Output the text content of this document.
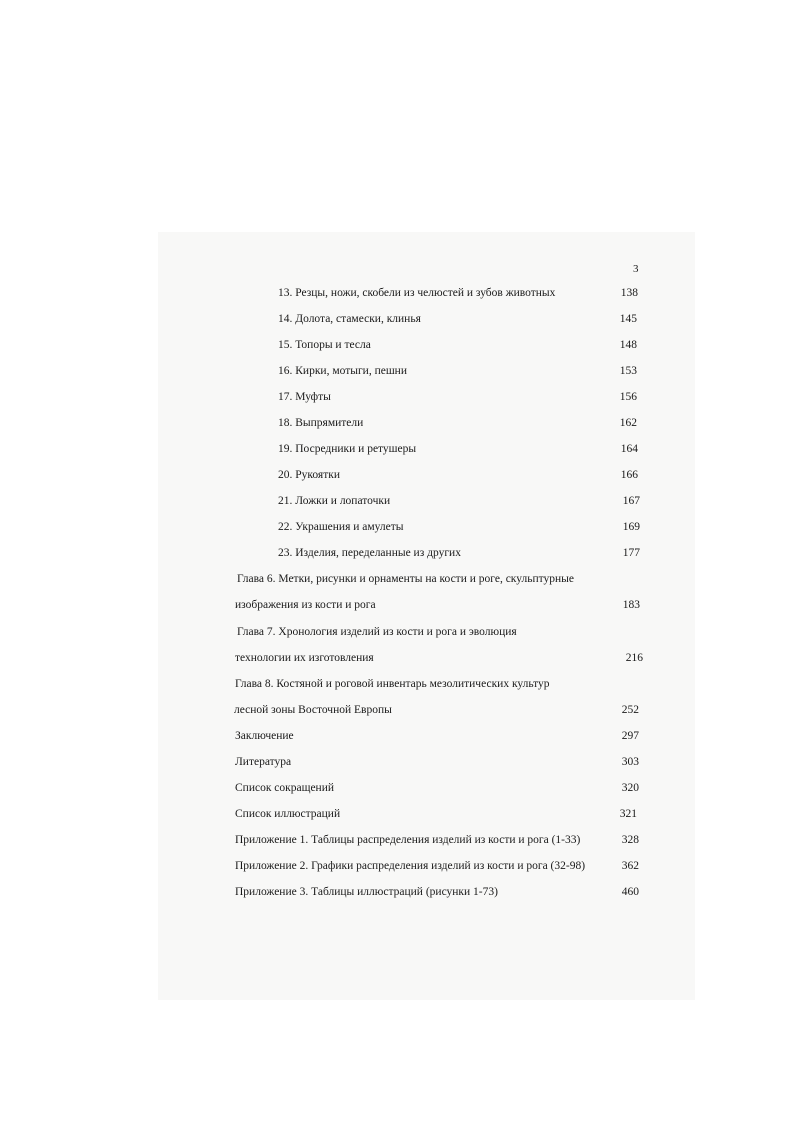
3
13. Резцы, ножи, скобели из челюстей и зубов животных	138
14. Долота, стамески, клинья	145
15. Топоры и тесла	148
16. Кирки, мотыги, пешни	153
17. Муфты	156
18. Выпрямители	162
19. Посредники и ретушеры	164
20. Рукоятки	166
21. Ложки и лопаточки	167
22. Украшения и амулеты	169
23. Изделия, переделанные из других	177
Глава 6. Метки, рисунки и орнаменты на кости и роге, скульптурные
изображения из кости и рога	183
Глава 7. Хронология изделий из кости и рога и эволюция
технологии их изготовления	216
Глава 8. Костяной и роговой инвентарь мезолитических культур
лесной зоны Восточной Европы	252
Заключение	297
Литература	303
Список сокращений	320
Список иллюстраций	321
Приложение 1. Таблицы распределения изделий из кости и рога (1-33)	328
Приложение 2. Графики распределения изделий из кости и рога (32-98)	362
Приложение 3. Таблицы иллюстраций (рисунки 1-73)	460
